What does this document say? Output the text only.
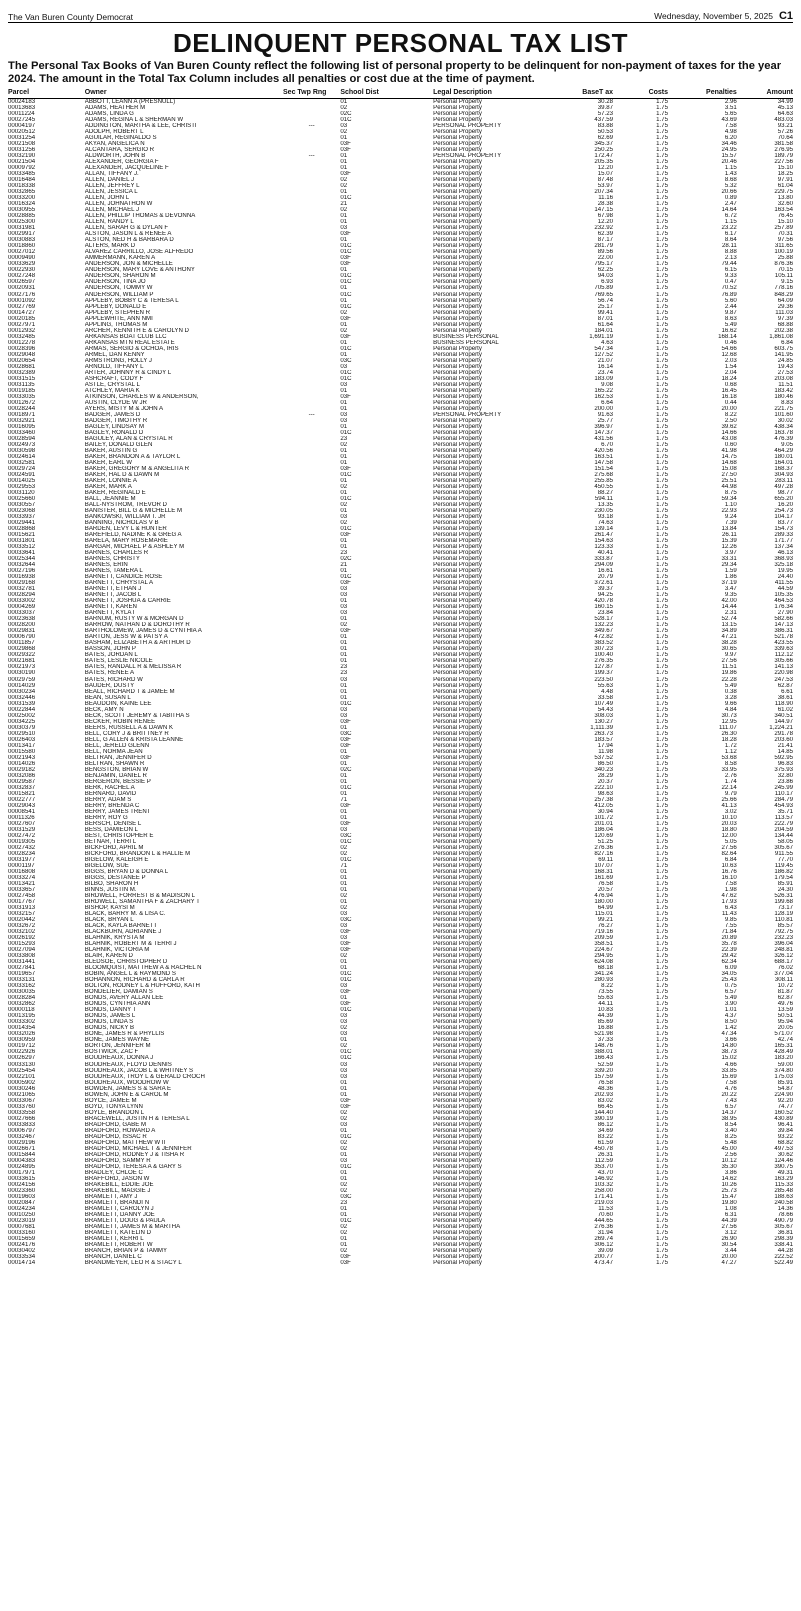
The Van Buren County Democrat	Wednesday, November 5, 2025 C1
DELINQUENT PERSONAL TAX LIST
The Personal Tax Books of Van Buren County reflect the following list of personal property to be delinquent for non-payment of taxes for the year 2024. The amount in the Total Tax Column includes all penalties or cost due at the time of payment.
Parcel	Owner	Sec Twp Rng	School Dist	Legal Description	BaseT ax	Costs	Penalties	Amount
00024183	ABBOTT, LEANN A (PRESNULL)		01	Personal Property	30.28	1.75	2.96	34.99
00013683	ADAMS, HEATHER M		02	Personal Property	39.87	1.75	3.51	45.13
00011224	ADAMS, LINDA G		02C	Personal Property	57.23	1.75	5.65	64.63
00027245	ADAMS, REGINA L & SHERMAN W		01C	Personal Property	437.59	1.75	43.69	483.03
00004197	ADDINGTON, MARTHA & LEE, CHRISTI	---	03	PERSONAL PROPERTY	83.88	1.75	7.58	93.21
00020512	ADOLPH, ROBERT L		02	Personal Property	50.53	1.75	4.98	57.26
00031254	AGUILAR, REGINALDO S		01	Personal Property	62.69	1.75	6.20	70.64
00021508	AKYAN, ANGELICA N		03F	Personal Property	345.37	1.75	34.46	381.58
00031256	ALCANTARA, SERGIO R		03F	Personal Property	250.25	1.75	24.95	276.95
00032190	ALDWORTH, JOHN B	---	01	PERSONAL PROPERTY	172.47	1.75	15.57	189.79
00021504	ALEXANDER, GEORGIA F		01	Personal Property	205.35	1.75	20.46	227.56
00009792	ALEXANDER, JACQUELINE F		01	Personal Property	12.20	1.75	1.15	15.10
00033485	ALLAN, TIFFANY J.		03F	Personal Property	15.07	1.75	1.43	18.25
00016484	ALLEN, DANIEL J		02	Personal Property	87.48	1.75	8.68	97.91
00018338	ALLEN, JEFFREY L		02	Personal Property	53.97	1.75	5.32	61.04
00032865	ALLEN, JESSICA L		01	Personal Property	207.34	1.75	20.66	229.75
00033200	ALLEN, JOHN L		01C	Personal Property	11.16	1.75	0.89	13.80
00016324	ALLEN, JOHNATHON W		21	Personal Property	28.38	1.75	2.47	32.60
00030955	ALLEN, MICHAEL J		02	Personal Property	147.15	1.75	14.64	163.54
00028885	ALLEN, PHILLIP THOMAS & DEVONNA		01	Personal Property	67.98	1.75	6.72	76.45
00025300	ALLEN, RANDY L		01	Personal Property	12.20	1.75	1.15	15.10
00031981	ALLEN, SARAH G & DYLAN F		03	Personal Property	232.92	1.75	23.22	257.89
00029917	ALSTON, JASON L & RENEE A		03F	Personal Property	62.39	1.75	6.17	70.31
00030883	ALSTON, NED H & BARBARA D		01	Personal Property	87.17	1.75	8.64	97.56
00018860	ALTERS, MARK D		01C	Personal Property	281.79	1.75	28.11	311.65
00027012	ALVAREZ CARRILLO, JOSE ALFREDO		01C	Personal Property	89.56	1.75	8.88	100.19
00009490	AMMERMANN, KAREN A		03F	Personal Property	22.00	1.75	2.13	25.88
00033629	ANDERSON, JON & MICHELLE		03F	Personal Property	795.17	1.75	79.44	876.36
00022930	ANDERSON, MARY LOVE & ANTHONY		01	Personal Property	62.25	1.75	6.15	70.15
00027248	ANDERSON, SHARON M		01C	Personal Property	94.03	1.75	9.33	105.11
00026597	ANDERSON, TINA JO		01C	Personal Property	6.93	1.75	0.47	9.15
00020931	ANDERSON, TOMMY W		01	Personal Property	705.89	1.75	70.52	778.16
00027176	ANDERSON, WILLIAM P		01C	Personal Property	769.65	1.75	76.89	848.29
00001092	APPLEBY, BOBBY C & TERESA L		01	Personal Property	56.74	1.75	5.60	64.09
00027769	APPLEBY, DONALD E		01C	Personal Property	25.17	1.75	2.44	29.36
00014727	APPLEBY, STEPHEN R		02	Personal Property	99.41	1.75	9.87	111.03
00020185	APPLEWHITE, ANN NMI		03F	Personal Property	87.01	1.75	8.63	97.39
00027971	APPLING, THOMAS M		01	Personal Property	61.64	1.75	5.49	68.88
00012932	ARCHER, KENNITH E & CAROLYN D		02	Personal Property	184.01	1.75	16.62	202.38
00032485	ARKANSAS BOAT CLUB LLC		03F	BUSINESS PERSONAL	1,691.19	1.75	168.14	1,861.08
00012278	ARKANSAS MTN REAL ESTATE		01	BUSINESS PERSONAL	4.63	1.75	0.46	6.84
00028396	ARMAS, SERGIO & OCHOA, IRIS		01C	Personal Property	547.34	1.75	54.66	603.75
00029048	ARMEL, DAN KENNY		01	Personal Property	127.52	1.75	12.68	141.95
00020654	ARMSTRONG, HOLLY J		03C	Personal Property	21.07	1.75	2.03	24.85
00028681	ARNOLD, TIFFANY L		03	Personal Property	16.14	1.75	1.54	19.43
00032389	ARTER, JOHNNY R & CINDY L		01C	Personal Property	23.74	1.75	2.04	27.53
00031515	ASHCRAFT, CODY F		01C	Personal Property	183.09	1.75	18.24	203.08
00031135	ASTLE, CRYSTAL L		03	Personal Property	9.08	1.75	0.68	11.51
00019185	ATCHLEY, MARIA K		01	Personal Property	165.22	1.75	16.45	183.42
00033035	ATKINSON, CHARLES W & ANDERSON,		03F	Personal Property	162.53	1.75	16.18	180.46
00012672	AUSTIN, CLYDE W JR		01	Personal Property	6.64	1.75	0.44	8.83
00028244	AYERS, MISTY M & JOHN A		01	Personal Property	200.00	1.75	20.00	221.75
00018971	BADGER, JAMES D	---	03	PERSONAL PROPERTY	91.63	1.75	8.22	101.60
00032921	BADGER, TIMOTHY R		03	Personal Property	25.77	1.75	2.50	30.02
00016095	BAGLEY, LINDSAY M		01	Personal Property	396.97	1.75	39.62	438.34
00033460	BAGLEY, RONALD D		01C	Personal Property	147.37	1.75	14.66	163.78
00028594	BAGULEY, ALAN & CRYSTAL R		23	Personal Property	431.56	1.75	43.08	476.39
00024973	BAILEY, DONALD GLEN		02	Personal Property	6.70	1.75	0.60	9.05
00030598	BAKER, AUSTIN G		01	Personal Property	420.56	1.75	41.98	464.29
00024614	BAKER, BRANDON A & TAYLOR L		01	Personal Property	163.51	1.75	14.75	180.01
00032581	BAKER, EARL W		01	Personal Property	147.58	1.75	14.68	164.01
00029724	BAKER, GREGORY M & ANGELITA R		03F	Personal Property	151.54	1.75	15.08	168.37
00024591	BAKER, HAL D & DAWN M		01C	Personal Property	275.68	1.75	27.50	304.93
00014025	BAKER, LONNIE A		01	Personal Property	255.85	1.75	25.51	283.11
00029553	BAKER, MARK A		02	Personal Property	450.55	1.75	44.98	497.28
00031120	BAKER, REGINALD E		01	Personal Property	88.27	1.75	8.75	98.77
00025660	BALL, JEANNIE M		01C	Personal Property	594.11	1.75	59.34	655.20
00030557	BALL-NYSTROM, TREVOR D		02	Personal Property	13.35	1.75	1.10	16.20
00023068	BANISTER, BILL G & MICHELLE M		01	Personal Property	230.05	1.75	22.93	254.73
00033937	BANKOWSKI, WILLIAM T. JR		03	Personal Property	93.18	1.75	9.24	104.17
00029441	BANNING, NICHOLAS V B		02	Personal Property	74.63	1.75	7.39	83.77
00028868	BARDEN, LEVY L & HUNTER		01C	Personal Property	139.14	1.75	13.84	154.73
00015621	BAREFIELD, NADINE K & GREG A		03F	Personal Property	261.47	1.75	26.11	289.33
00031801	BARELA, MARY ROSEMARIE		01	Personal Property	154.63	1.75	15.39	171.77
00033512	BARGAR, MICHAEL P & ASHLEY M		01	Personal Property	123.33	1.75	12.26	137.34
00033641	BARNES, CHARLES R		23	Personal Property	40.41	1.75	3.97	46.13
00025344	BARNES, CHRISTY		02C	Personal Property	333.87	1.75	33.31	368.93
00032644	BARNES, ERIN		21	Personal Property	294.09	1.75	29.34	325.18
00027196	BARNES, TAMERA L		01	Personal Property	16.61	1.75	1.59	19.95
00016938	BARNETT, CANDICE ROSE		01C	Personal Property	20.79	1.75	1.86	24.40
00029168	BARNETT, CHRYSTAL A		03F	Personal Property	372.61	1.75	37.19	411.55
00032781	BARNETT, ETHAN J		03	Personal Property	39.37	1.75	3.47	44.59
00028294	BARNETT, JACOB L		03	Personal Property	94.25	1.75	9.35	105.35
00033002	BARNETT, JOSHUA & CARRIE		01	Personal Property	420.78	1.75	42.00	464.53
00004269	BARNETT, KAREN		03	Personal Property	160.15	1.75	14.44	176.34
00033037	BARNETT, KYLA I		03	Personal Property	23.84	1.75	2.31	27.90
00023638	BARNUM, RUSTY W & MORGAN D		01	Personal Property	528.17	1.75	52.74	582.66
00028200	BARROW, NATHAN D & DOROTHY R		02	Personal Property	132.23	1.75	13.15	147.13
00029831	BARTHOLOMEW, JAMES D & CYNTHIA A		03F	Personal Property	349.67	1.75	34.89	386.31
00006790	BARTON, JESS W & PATSY A		01	Personal Property	472.82	1.75	47.21	521.78
00011857	BASHAM, ELIZABETH A & ARTHUR D		01	Personal Property	383.52	1.75	38.28	423.55
00029868	BASSON, JOHN P		01	Personal Property	307.23	1.75	30.65	339.63
00029322	BATES, JORDAN L		01	Personal Property	100.40	1.75	9.97	112.12
00021681	BATES, LESLIE NICOLE		01	Personal Property	276.35	1.75	27.56	305.66
00021973	BATES, RANDALL R & MELISSA R		23	Personal Property	127.87	1.75	11.51	141.13
00030190	BATES, RENEE A		23	Personal Property	199.37	1.75	19.86	220.98
00029759	BATES, RICHARD W		03	Personal Property	223.50	1.75	22.28	247.53
00014029	BAUDER, DUSTY		01	Personal Property	55.63	1.75	5.49	62.87
00030234	BEALL, RICHARD T & JAMEE M		01	Personal Property	4.48	1.75	0.38	6.61
00032446	BEAN, SUSAN L		01	Personal Property	33.58	1.75	3.28	38.61
00031539	BEAUDOIN, KAINE LEE		01C	Personal Property	107.49	1.75	9.66	118.90
00022844	BECK, AMY N		03	Personal Property	54.43	1.75	4.84	61.02
00025002	BECK, SCOTT JEREMY & TABITHA S		03	Personal Property	308.03	1.75	30.73	340.51
00034225	BECKER, ROBIN RENEE		03F	Personal Property	130.27	1.75	12.95	144.97
00030379	BEERS, RUSSELL A & DAWN K		01	Personal Property	1,111.39	1.75	111.07	1,224.21
00029510	BELL, CORY J & BRITTNEY R		03C	Personal Property	263.73	1.75	26.30	291.78
00026403	BELL, G ALLEN & KRISTA LEANNE		03F	Personal Property	183.57	1.75	18.28	203.60
00013417	BELL, JERELD GLENN		03F	Personal Property	17.94	1.75	1.72	21.41
00015580	BELL, NORMA JEAN		01	Personal Property	11.98	1.75	1.12	14.85
00021943	BELTRAN, JENNIFER D		03F	Personal Property	537.52	1.75	53.68	592.95
00014026	BELTRAN, SHAWN R		01	Personal Property	86.50	1.75	8.58	96.83
00029182	BENGSTON, BRIAN W		02C	Personal Property	340.23	1.75	33.95	375.93
00032086	BENJAMIN, DANIEL R		01	Personal Property	28.29	1.75	2.76	32.80
00029587	BERGERON, BESSIE P		01	Personal Property	20.37	1.75	1.74	23.86
00032837	BERK, RACHEL A		01C	Personal Property	222.10	1.75	22.14	245.99
00015821	BERNARD, DAVID		01	Personal Property	98.63	1.75	9.79	110.17
00022777	BERRY, ADAM S		71	Personal Property	257.38	1.75	25.66	284.79
00029043	BERRY, BRENDA C		03F	Personal Property	412.05	1.75	41.13	454.93
00008541	BERRY, JAMES TRENT		01	Personal Property	30.94	1.75	3.02	35.71
00011326	BERRY, ROY G		01	Personal Property	101.72	1.75	10.10	113.57
00027607	BERSCH, DENISE L		03F	Personal Property	201.01	1.75	20.03	222.79
00031529	BESS, DAMIEON L		03	Personal Property	186.04	1.75	18.80	204.59
00027472	BEST, CHRISTOPHER E		03C	Personal Property	120.69	1.75	12.00	134.44
00019305	BETNAR, TERRI L		01C	Personal Property	51.25	1.75	5.05	58.05
00027432	BICKFORD, APRIL M		02	Personal Property	276.36	1.75	27.56	305.67
00028234	BICKFORD, BRANDON L & HALLIE M		02	Personal Property	827.16	1.75	82.64	911.55
00031977	BIGELOW, KALEIGH E		01C	Personal Property	69.11	1.75	6.84	77.70
00001197	BIGELOW, SUE		71	Personal Property	107.07	1.75	10.63	119.45
00016808	BIGGS, BRYAN D & DONNA L		01	Personal Property	168.31	1.75	16.76	186.82
00033274	BIGGS, DESTANEE P		01	Personal Property	161.69	1.75	16.10	179.54
00013421	BILBO, SHARON H		01	Personal Property	76.58	1.75	7.58	85.91
00033657	BINNS, JUSTIN M.		01	Personal Property	20.57	1.75	1.98	24.30
00027458	BIRDWELL, FORREST B & MADISON L		02	Personal Property	476.94	1.75	47.62	526.31
00017767	BIRDWELL, SAMANTHA F & ZACHARY T		01	Personal Property	180.00	1.75	17.93	199.68
00031913	BISHOP, KAYSI M		02	Personal Property	64.99	1.75	6.43	73.17
00032157	BLACK, BARRY M. & LISA C.		03	Personal Property	115.01	1.75	11.43	128.19
00020442	BLACK, BRYAN L		03C	Personal Property	99.21	1.75	9.85	110.81
00032672	BLACK, KAYLA BARNETT		03	Personal Property	76.27	1.75	7.55	85.57
00032102	BLACKBURN, ADRIANNE J		03F	Personal Property	719.16	1.75	71.84	792.75
00026192	BLAHNIK, KRYSTA M		03	Personal Property	209.59	1.75	20.89	232.23
00015293	BLAHNIK, ROBERT M & TERRI J		03F	Personal Property	358.51	1.75	35.78	396.04
00027094	BLAHNIK, VICTORIA M		03F	Personal Property	224.67	1.75	22.39	248.81
00033808	BLAIR, KAREN D		02	Personal Property	294.95	1.75	29.42	326.12
00031441	BLEDSOE, CHRISTOPHER D		01	Personal Property	624.08	1.75	62.34	688.17
00027841	BLOOMQUIST, MATTHEW A & RACHEL N		01	Personal Property	68.18	1.75	6.09	76.02
00019657	BOBIN, ANGEL L & RAYMOND S		01C	Personal Property	341.24	1.75	34.05	377.04
00033131	BOHANNON, RICHARD & CARLA R		01C	Personal Property	280.93	1.75	25.43	308.11
00033162	BOLTON, RODNEY L & HUFFORD, KATH		03	Personal Property	8.22	1.75	0.75	10.72
00030035	BONDELIER, DAMIAN S		03F	Personal Property	73.55	1.75	6.57	81.87
00028284	BONDS, AVERY ALLAN LEE		01	Personal Property	55.63	1.75	5.49	62.87
00032862	BONDS, CYNTHIA ANN		03F	Personal Property	44.11	1.75	3.90	49.76
00000118	BONDS, DANNY T		01C	Personal Property	10.83	1.75	1.01	13.59
00013195	BONDS, JAMES L		03	Personal Property	44.39	1.75	4.37	50.51
00033302	BONDS, LINDA S		03	Personal Property	85.69	1.75	8.50	95.94
00014354	BONDS, NICKY B		02	Personal Property	16.88	1.75	1.42	20.05
00032026	BONE, JAMES R & PHYLLIS		03	Personal Property	521.98	1.75	47.34	571.07
00030959	BONE, JAMES WAYNE		01	Personal Property	37.33	1.75	3.66	42.74
00019712	BORTON, JENNIFER M		02	Personal Property	148.76	1.75	14.80	165.31
00022926	BOSTWICK, ZAC F		01C	Personal Property	388.01	1.75	38.73	428.49
00026297	BOUDREAUX, DONNA J		01C	Personal Property	166.43	1.75	15.02	183.20
00033130	BOUDREAUX, FLOYD DENNIS		03	Personal Property	52.59	1.75	4.66	59.00
00025454	BOUDREAUX, JACOB L & WHITNEY S		03	Personal Property	339.20	1.75	33.85	374.80
00022101	BOUDREAUX, TROY L & GERALD CROCH		03	Personal Property	157.59	1.75	15.69	175.03
00005902	BOUDREAUX, WOODROW W		01	Personal Property	76.58	1.75	7.58	85.91
00030246	BOWDEN, JAMES S & SARA E		01	Personal Property	48.36	1.75	4.76	54.87
00021065	BOWEN, JOHN E & CAROL M		01	Personal Property	202.93	1.75	20.22	224.90
00033067	BOYCE, JAMEE M		03F	Personal Property	83.02	1.75	7.43	92.20
00033760	BOYD, TONYA LYNN		03F	Personal Property	66.45	1.75	6.57	74.77
00033558	BOYLE, BRANDON L		02	Personal Property	144.40	1.75	14.37	160.52
00027666	BRACEWELL, JUSTIN H & TERESA L		02	Personal Property	390.19	1.75	38.95	430.89
00033833	BRADFORD, GABE M		03	Personal Property	86.12	1.75	8.54	96.41
00006797	BRADFORD, HOWARD A		01	Personal Property	34.69	1.75	3.40	39.84
00032467	BRADFORD, ISSAC R		01C	Personal Property	83.22	1.75	8.25	93.22
00029196	BRADFORD, MATTHEW W II		02	Personal Property	61.59	1.75	5.48	68.82
00026671	BRADFORD, MICHAEL T & JENNIFER		02	Personal Property	450.78	1.75	45.00	497.53
00015844	BRADFORD, RODNEY J & TISHA R		01	Personal Property	26.31	1.75	2.56	30.62
00004383	BRADFORD, SAMMY R		03	Personal Property	112.59	1.75	10.12	124.46
00024895	BRADFORD, TERESA A & GARY S		01C	Personal Property	353.70	1.75	35.30	390.75
00017971	BRADLEY, CHLOE C		01	Personal Property	43.70	1.75	3.86	49.31
00033615	BRAFFORD, JASON W		01	Personal Property	146.92	1.75	14.62	163.29
00024156	BRAKEBILL, EDDIE JOE		02	Personal Property	103.32	1.75	10.26	115.33
00023360	BRAKEBILL, MAGGIE J		02	Personal Property	258.00	1.75	25.73	285.48
00019603	BRAMLETT, AMY J		03C	Personal Property	171.41	1.75	15.47	188.63
00020847	BRAMLETT, BRANDI N		23	Personal Property	219.03	1.75	19.80	240.58
00024234	BRAMLETT, CAROLYN J		01	Personal Property	11.53	1.75	1.08	14.36
00010250	BRAMLETT, DANNY JOE		01	Personal Property	70.60	1.75	6.31	78.66
00023019	BRAMLETT, DOUG & PAULA		01C	Personal Property	444.65	1.75	44.39	490.79
00007681	BRAMLETT, JAMES M & MARTHA		02	Personal Property	276.36	1.75	27.56	305.67
00033160	BRAMLETT, KATELIN D		02	Personal Property	31.94	1.75	3.12	36.81
00015659	BRAMLETT, KERRI L		01	Personal Property	269.74	1.75	26.90	298.39
00024176	BRAMLETT, ROBERT W		01	Personal Property	306.12	1.75	30.54	338.41
00030402	BRANCH, BRIAN P & TAMMY		02	Personal Property	39.09	1.75	3.44	44.28
00033534	BRANCH, DANIEL C		03F	Personal Property	200.77	1.75	20.00	222.52
00014714	BRANDMEYER, LEO R & STACY L		03F	Personal Property	473.47	1.75	47.27	522.49
